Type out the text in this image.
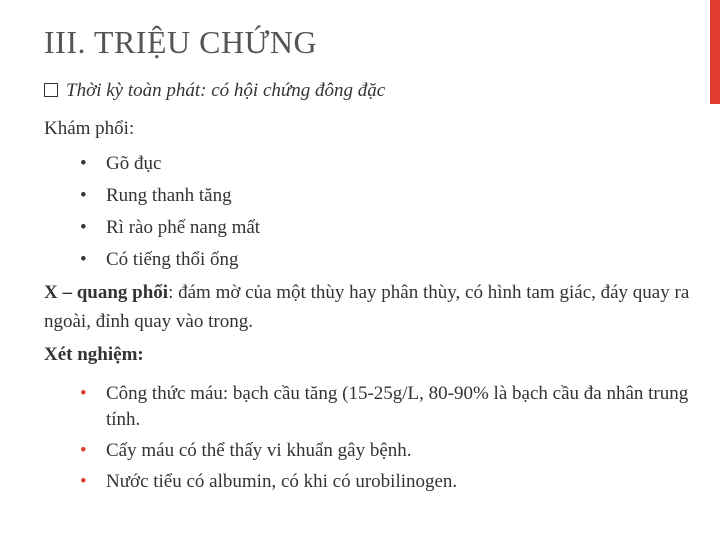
III. TRIỆU CHỨNG
Thời kỳ toàn phát: có hội chứng đông đặc
Khám phổi:
• Gõ đục
• Rung thanh tăng
• Rì rào phế nang mất
• Có tiếng thổi ống
X – quang phổi: đám mờ của một thùy hay phân thùy, có hình tam giác, đáy quay ra ngoài, đỉnh quay vào trong.
Xét nghiệm:
• Công thức máu: bạch cầu tăng (15-25g/L, 80-90% là bạch cầu đa nhân trung tính.
• Cấy máu có thể thấy vi khuẩn gây bệnh.
• Nước tiểu có albumin, có khi có urobilinogen.
